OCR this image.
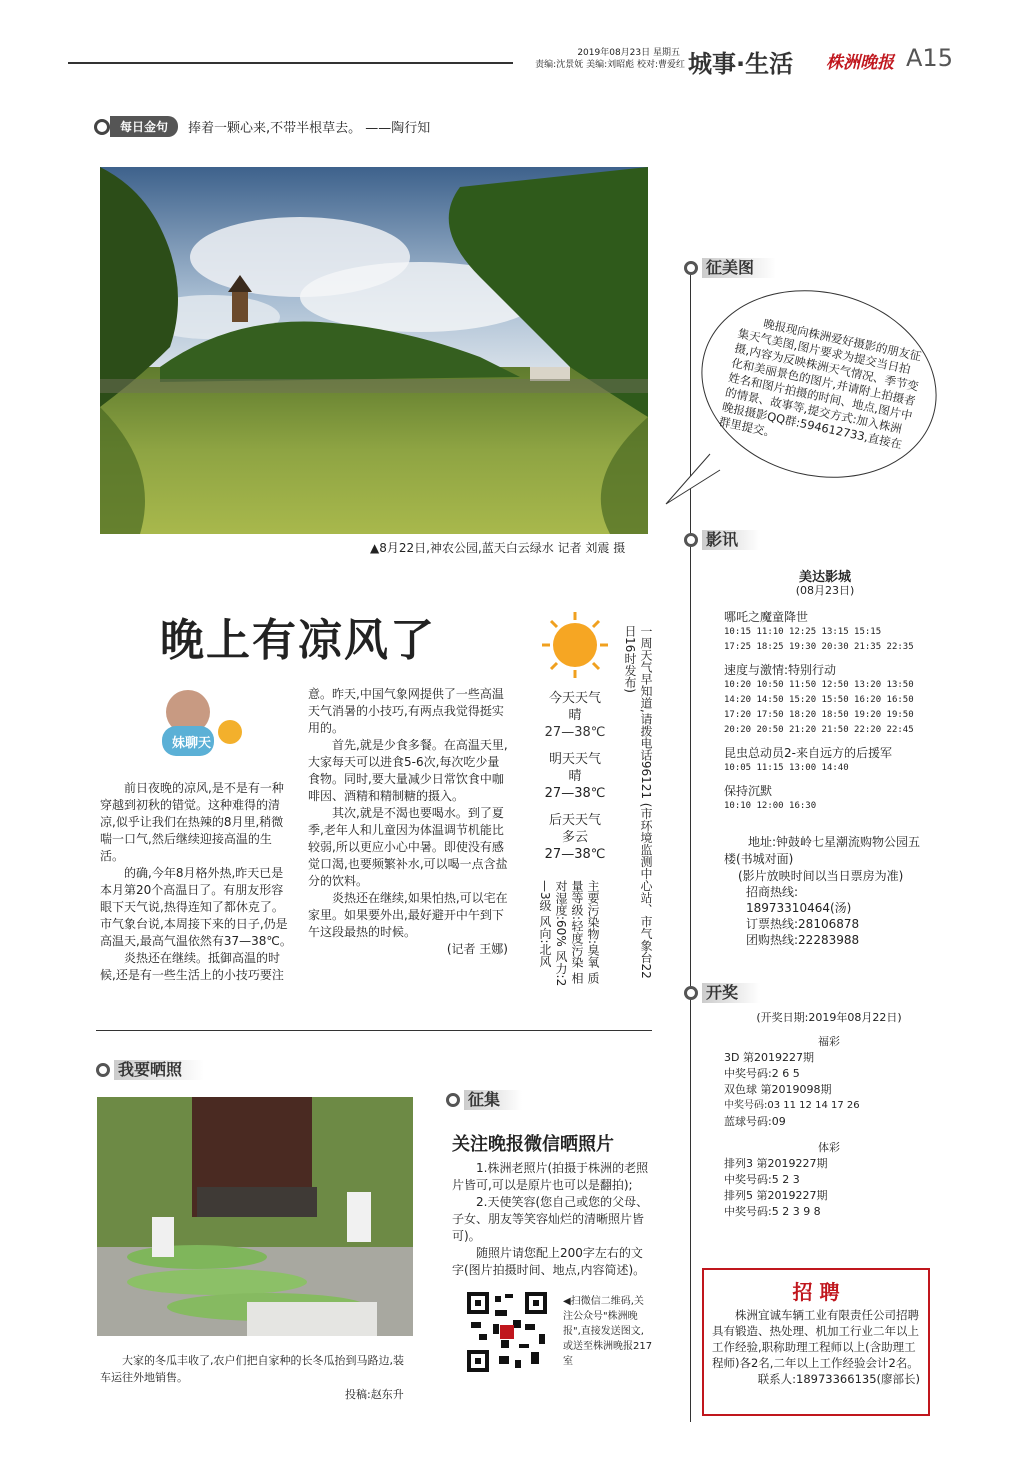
2019年08月23日 星期五
责编:沈景妩 美编:刘昭彪 校对:曹爱红 城事·生活 株洲晚报 A15
每日金句	捧着一颗心来,不带半根草去。 ——陶行知
▲8月22日,神农公园,蓝天白云绿水 记者 刘震 摄
晚上有凉风了
妹聊天

前日夜晚的凉风,是不是有一种穿越到初秋的错觉。这种难得的清凉,似乎让我们在热辣的8月里,稍微喘一口气,然后继续迎接高温的生活。

的确,今年8月格外热,昨天已是本月第20个高温日了。有朋友形容眼下天气说,热得连知了都休克了。市气象台说,本周接下来的日子,仍是高温天,最高气温依然有37—38℃。

炎热还在继续。抵御高温的时候,还是有一些生活上的小技巧要注

意。昨天,中国气象网提供了一些高温天气消暑的小技巧,有两点我觉得挺实用的。

首先,就是少食多餐。在高温天里,大家每天可以进食5-6次,每次吃少量食物。同时,要大量减少日常饮食中咖啡因、酒精和精制糖的摄入。

其次,就是不渴也要喝水。到了夏季,老年人和儿童因为体温调节机能比较弱,所以更应小心中暑。即使没有感觉口渴,也要频繁补水,可以喝一点含盐分的饮料。

炎热还在继续,如果怕热,可以宅在家里。如果要外出,最好避开中午到下午这段最热的时候。

(记者 王娜)

今天天气
晴
27—38℃
明天天气
晴
27—38℃
后天天气
多云
27—38℃
主要污染物:臭氧 质量等级:轻度污染 相对湿度:60% 风力:2—3级 风向:北风	一周天气早知道,请拨电话96121 (市环境监测中心站、市气象台22日16时发布)
我要晒照
大家的冬瓜丰收了,农户们把自家种的长冬瓜抬到马路边,装车运往外地销售。
投稿:赵东升
征集
关注晚报微信晒照片

1.株洲老照片(拍摄于株洲的老照片皆可,可以是原片也可以是翻拍);

2.天使笑容(您自己或您的父母、子女、朋友等笑容灿烂的清晰照片皆可)。

随照片请您配上200字左右的文字(图片拍摄时间、地点,内容简述)。

◀扫微信二维码,关注公众号"株洲晚报",直接发送图文,或送至株洲晚报217室
征美图
晚报现向株洲爱好摄影的朋友征集天气美图,图片要求为提交当日拍摄,内容为反映株洲天气情况、季节变化和美丽景色的图片,并请附上拍摄者姓名和图片拍摄的时间、地点,图片中的情景、故事等,提交方式:加入株洲晚报摄影QQ群:594612733,直接在群里提交。
影讯
美达影城
(08月23日)
哪吒之魔童降世
10:15 11:10 12:25 13:15 15:15
17:25 18:25 19:30 20:30 21:35 22:35
速度与激情:特别行动
10:20 10:50 11:50 12:50 13:20 13:50
14:20 14:50 15:20 15:50 16:20 16:50
17:20 17:50 18:20 18:50 19:20 19:50
20:20 20:50 21:20 21:50 22:20 22:45
昆虫总动员2-来自远方的后援军
10:05 11:15 13:00 14:40
保持沉默
10:10 12:00 16:30
地址:钟鼓岭七星潮流购物公园五楼(书城对面)
(影片放映时间以当日票房为准)
招商热线:
18973310464(汤)
订票热线:28106878
团购热线:22283988
开奖
(开奖日期:2019年08月22日)
福彩
3D 第2019227期
中奖号码:2 6 5
双色球 第2019098期
中奖号码:03 11 12 14 17 26
蓝球号码:09
体彩
排列3 第2019227期
中奖号码:5 2 3
排列5 第2019227期
中奖号码:5 2 3 9 8
招 聘
株洲宜诚车辆工业有限责任公司招聘具有锻造、热处理、机加工行业二年以上工作经验,职称助理工程师以上(含助理工程师)各2名,二年以上工作经验会计2名。
联系人:18973366135(廖部长)
